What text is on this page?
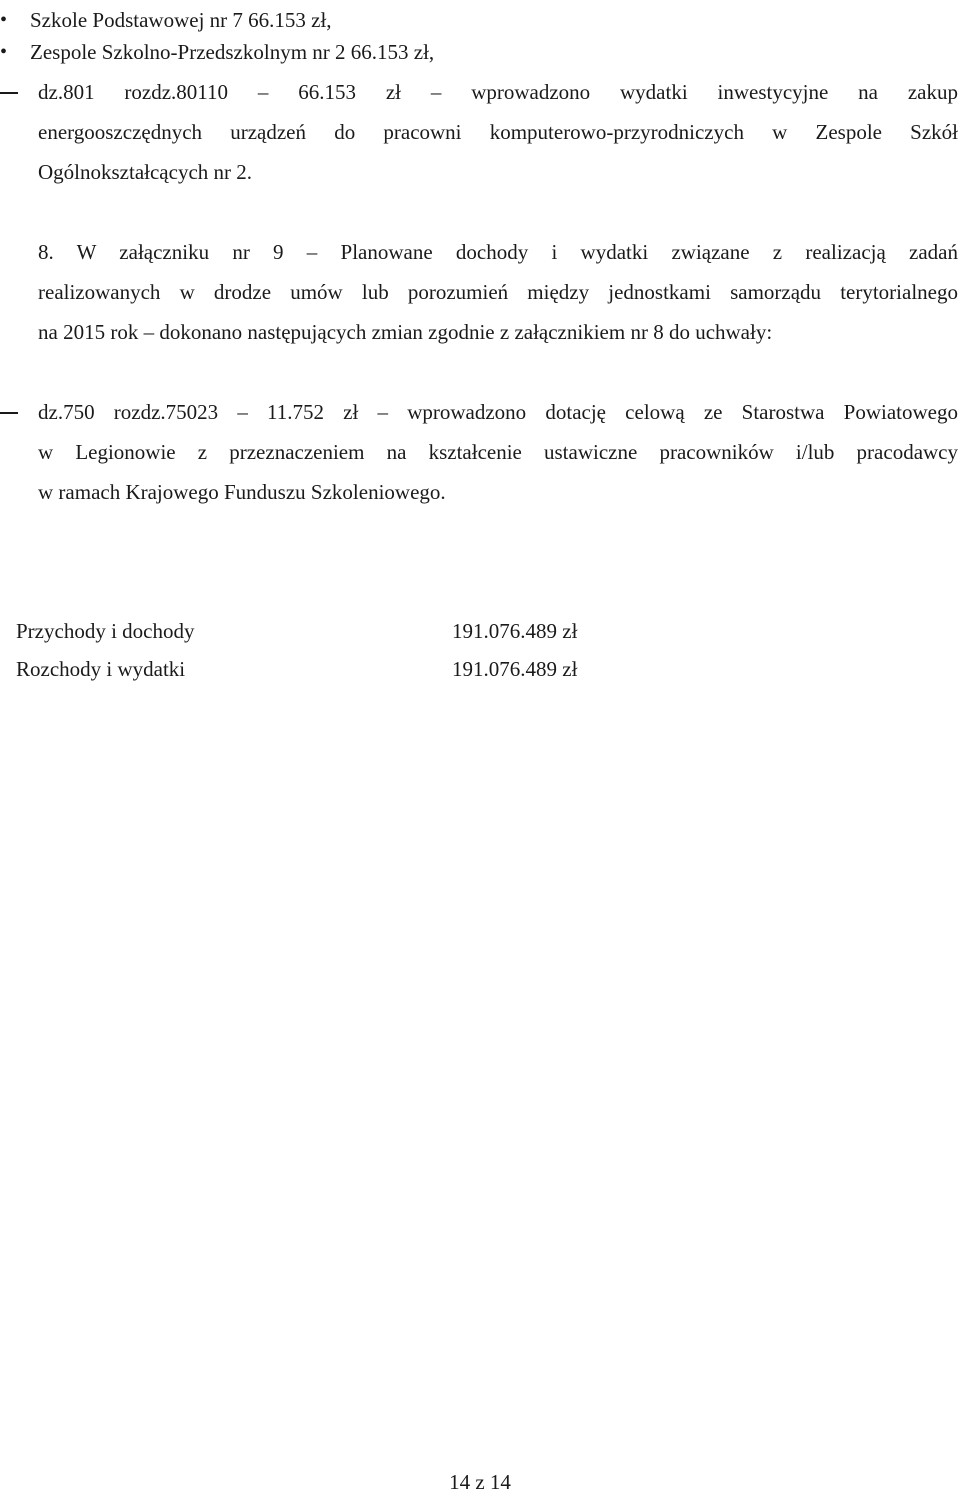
•	Szkole Podstawowej nr 7 66.153 zł,
•	Zespole Szkolno-Przedszkolnym nr 2 66.153 zł,
dz.801 rozdz.80110 – 66.153 zł – wprowadzono wydatki inwestycyjne na zakup
energooszczędnych urządzeń do pracowni komputerowo-przyrodniczych w Zespole Szkół
Ogólnokształcących nr 2.
8. W załączniku nr 9 – Planowane dochody i wydatki związane z realizacją zadań
realizowanych w drodze umów lub porozumień między jednostkami samorządu terytorialnego
na 2015 rok – dokonano następujących zmian zgodnie z załącznikiem nr 8 do uchwały:
dz.750 rozdz.75023 – 11.752 zł – wprowadzono dotację celową ze Starostwa Powiatowego
w Legionowie z przeznaczeniem na kształcenie ustawiczne pracowników i/lub pracodawcy
w ramach Krajowego Funduszu Szkoleniowego.
Przychody i dochody	191.076.489 zł
Rozchody i wydatki	191.076.489 zł
14 z 14
